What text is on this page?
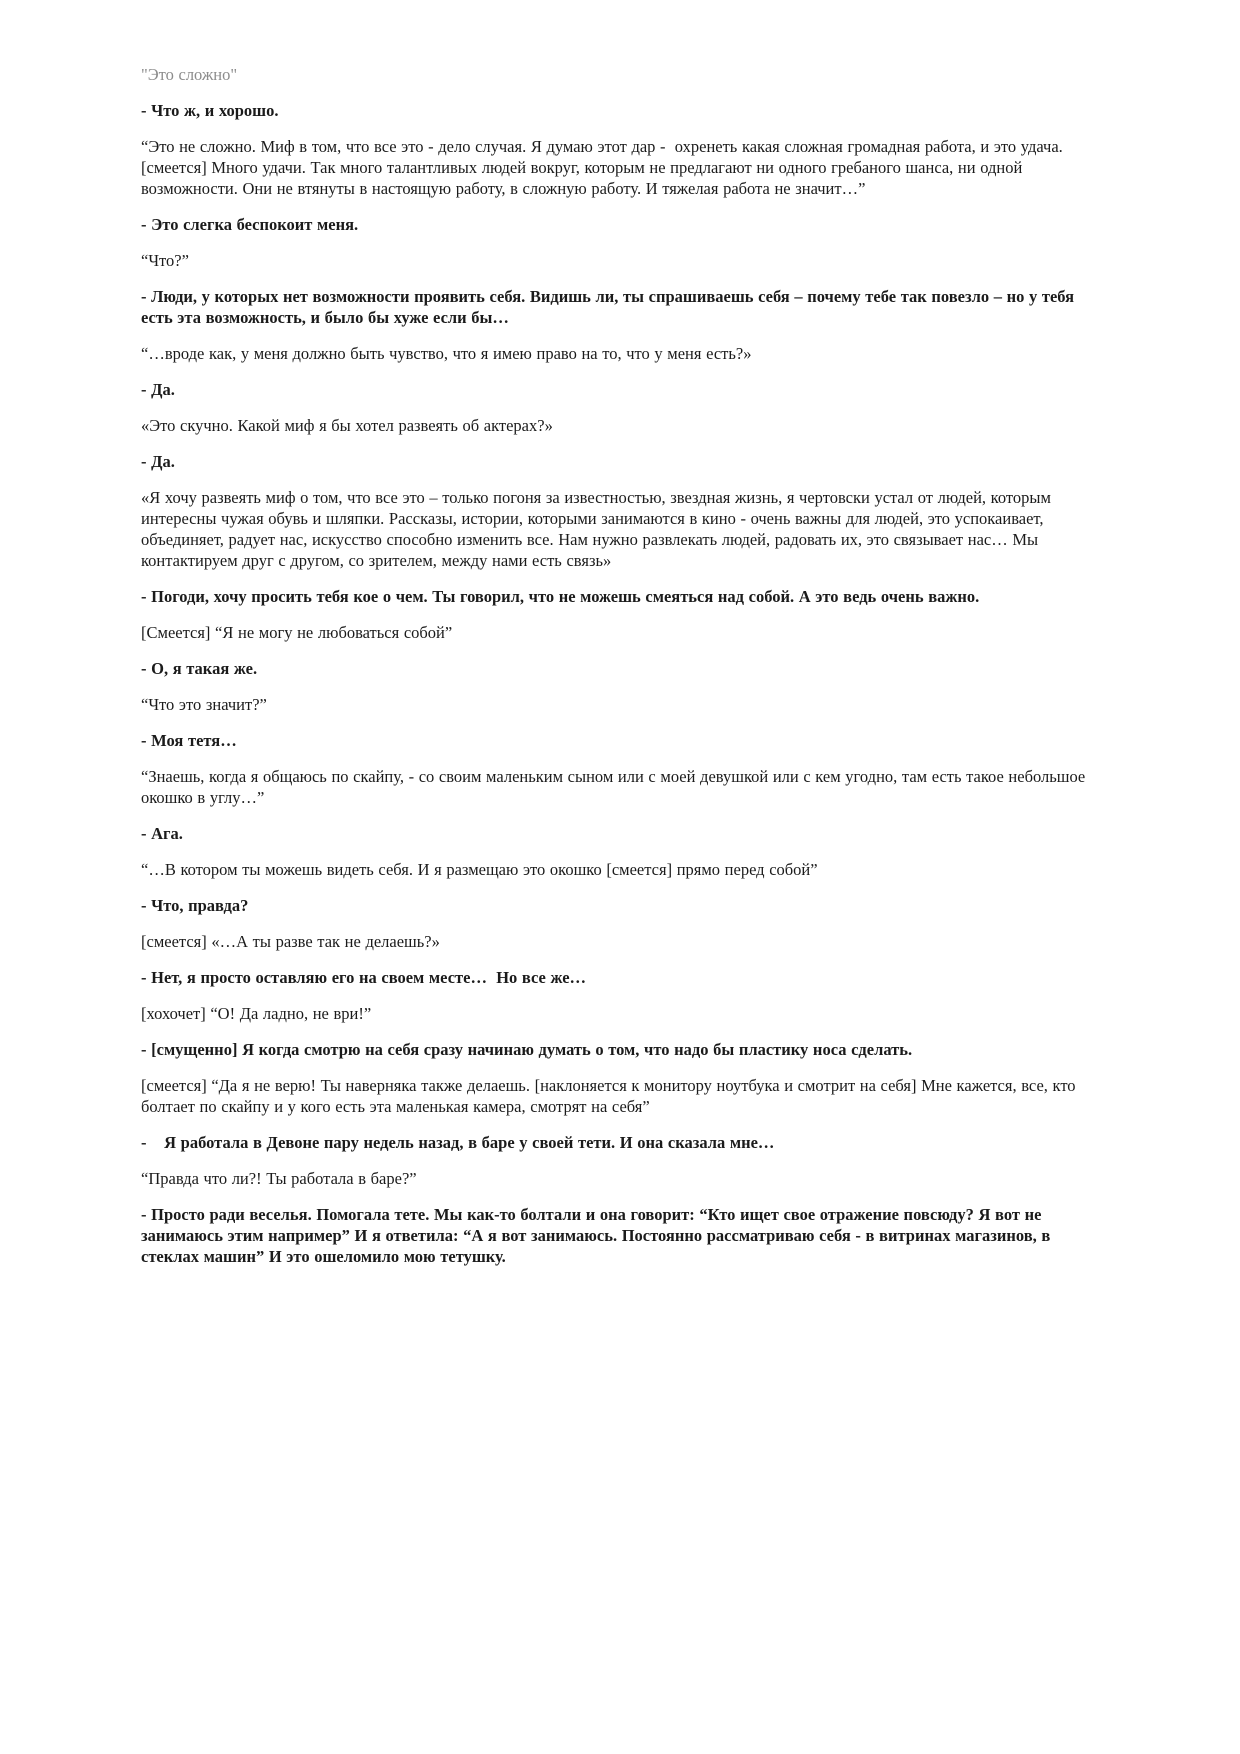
"Это сложно"

- Что ж, и хорошо.

“Это не сложно. Миф в том, что все это - дело случая. Я думаю этот дар -  охренеть какая сложная громадная работа, и это удача. [смеется] Много удачи. Так много талантливых людей вокруг, которым не предлагают ни одного гребаного шанса, ни одной возможности. Они не втянуты в настоящую работу, в сложную работу. И тяжелая работа не значит…”

- Это слегка беспокоит меня.

“Что?”

- Люди, у которых нет возможности проявить себя. Видишь ли, ты спрашиваешь себя – почему тебе так повезло – но у тебя есть эта возможность, и было бы хуже если бы…

“…вроде как, у меня должно быть чувство, что я имею право на то, что у меня есть?»

- Да.

«Это скучно. Какой миф я бы хотел развеять об актерах?»

- Да.

«Я хочу развеять миф о том, что все это – только погоня за известностью, звездная жизнь, я чертовски устал от людей, которым интересны чужая обувь и шляпки. Рассказы, истории, которыми занимаются в кино - очень важны для людей, это успокаивает, объединяет, радует нас, искусство способно изменить все. Нам нужно развлекать людей, радовать их, это связывает нас… Мы контактируем друг с другом, со зрителем, между нами есть связь»

- Погоди, хочу просить тебя кое о чем. Ты говорил, что не можешь смеяться над собой. А это ведь очень важно.

[Смеется] “Я не могу не любоваться собой”

- О, я такая же.

“Что это значит?”

- Моя тетя…

“Знаешь, когда я общаюсь по скайпу, - со своим маленьким сыном или с моей девушкой или с кем угодно, там есть такое небольшое окошко в углу…”

- Ага.

“…В котором ты можешь видеть себя. И я размещаю это окошко [смеется] прямо перед собой”

- Что, правда?

[смеется] «…А ты разве так не делаешь?»

- Нет, я просто оставляю его на своем месте…  Но все же…

[хохочет] “О! Да ладно, не ври!”

- [смущенно] Я когда смотрю на себя сразу начинаю думать о том, что надо бы пластику носа сделать.

[смеется] “Да я не верю! Ты наверняка также делаешь. [наклоняется к монитору ноутбука и смотрит на себя] Мне кажется, все, кто болтает по скайпу и у кого есть эта маленькая камера, смотрят на себя”

-	Я работала в Девоне пару недель назад, в баре у своей тети. И она сказала мне…

“Правда что ли?! Ты работала в баре?”

- Просто ради веселья. Помогала тете. Мы как-то болтали и она говорит: “Кто ищет свое отражение повсюду? Я вот не занимаюсь этим например” И я ответила: “А я вот занимаюсь. Постоянно рассматриваю себя - в витринах магазинов, в стеклах машин” И это ошеломило мою тетушку.
